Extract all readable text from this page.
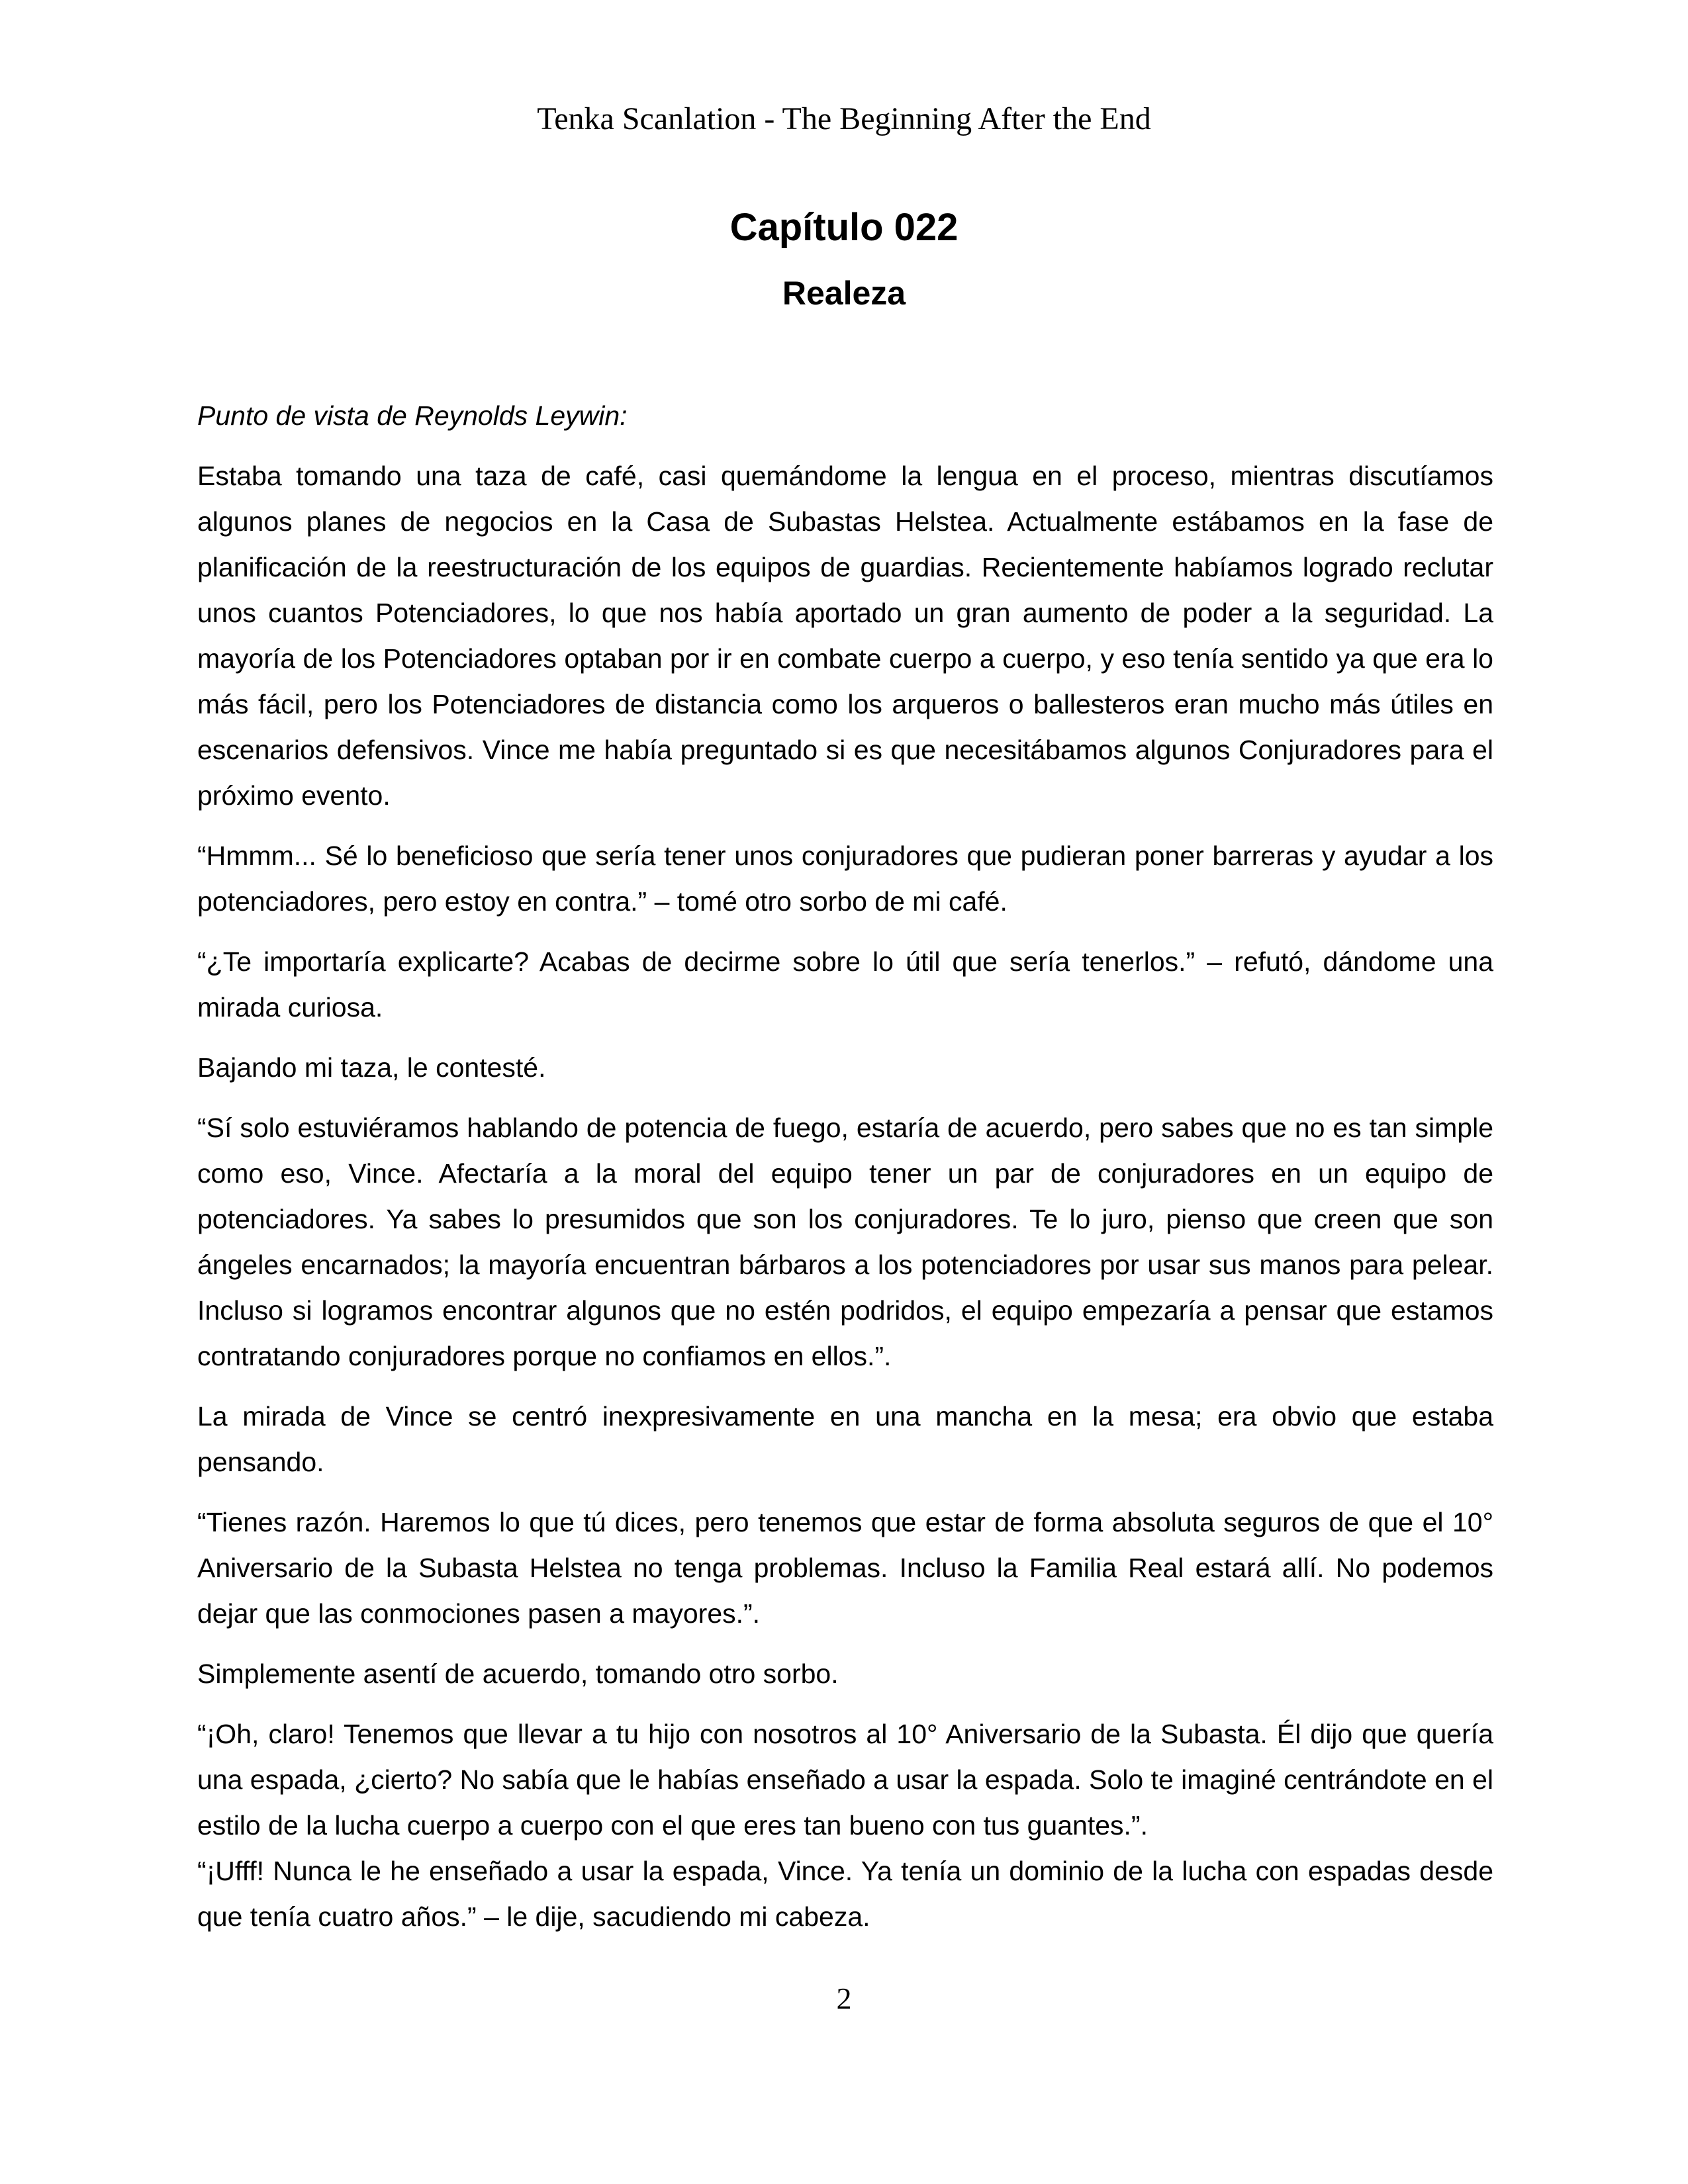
Tenka Scanlation - The Beginning After the End
Capítulo 022
Realeza

Punto de vista de Reynolds Leywin:

Estaba tomando una taza de café, casi quemándome la lengua en el proceso, mientras discutíamos algunos planes de negocios en la Casa de Subastas Helstea. Actualmente estábamos en la fase de planificación de la reestructuración de los equipos de guardias. Recientemente habíamos logrado reclutar unos cuantos Potenciadores, lo que nos había aportado un gran aumento de poder a la seguridad. La mayoría de los Potenciadores optaban por ir en combate cuerpo a cuerpo, y eso tenía sentido ya que era lo más fácil, pero los Potenciadores de distancia como los arqueros o ballesteros eran mucho más útiles en escenarios defensivos. Vince me había preguntado si es que necesitábamos algunos Conjuradores para el próximo evento.

“Hmmm... Sé lo beneficioso que sería tener unos conjuradores que pudieran poner barreras y ayudar a los potenciadores, pero estoy en contra.” – tomé otro sorbo de mi café.

“¿Te importaría explicarte? Acabas de decirme sobre lo útil que sería tenerlos.” – refutó, dándome una mirada curiosa.

Bajando mi taza, le contesté.

“Sí solo estuviéramos hablando de potencia de fuego, estaría de acuerdo, pero sabes que no es tan simple como eso, Vince. Afectaría a la moral del equipo tener un par de conjuradores en un equipo de potenciadores. Ya sabes lo presumidos que son los conjuradores. Te lo juro, pienso que creen que son ángeles encarnados; la mayoría encuentran bárbaros a los potenciadores por usar sus manos para pelear. Incluso si logramos encontrar algunos que no estén podridos, el equipo empezaría a pensar que estamos contratando conjuradores porque no confiamos en ellos.”.

La mirada de Vince se centró inexpresivamente en una mancha en la mesa; era obvio que estaba pensando.

“Tienes razón. Haremos lo que tú dices, pero tenemos que estar de forma absoluta seguros de que el 10° Aniversario de la Subasta Helstea no tenga problemas. Incluso la Familia Real estará allí. No podemos dejar que las conmociones pasen a mayores.”.

Simplemente asentí de acuerdo, tomando otro sorbo.

“¡Oh, claro! Tenemos que llevar a tu hijo con nosotros al 10° Aniversario de la Subasta. Él dijo que quería una espada, ¿cierto? No sabía que le habías enseñado a usar la espada. Solo te imaginé centrándote en el estilo de la lucha cuerpo a cuerpo con el que eres tan bueno con tus guantes.”.

“¡Ufff! Nunca le he enseñado a usar la espada, Vince. Ya tenía un dominio de la lucha con espadas desde que tenía cuatro años.” – le dije, sacudiendo mi cabeza.

2
